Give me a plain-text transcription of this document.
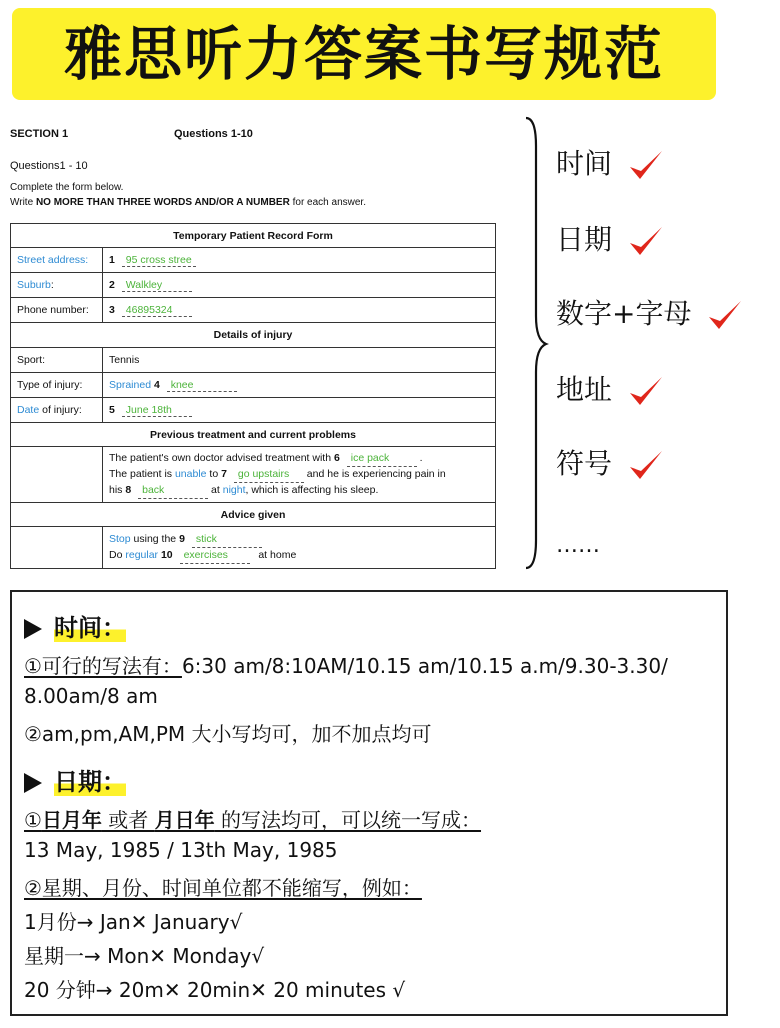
雅思听力答案书写规范
SECTION 1	Questions 1-10
Questions1 - 10
Complete the form below.
Write NO MORE THAN THREE WORDS AND/OR A NUMBER for each answer.
Temporary Patient Record Form	
Street address:	1 95 cross stree
Suburb:	2 Walkley
Phone number:	3 46895324
Details of injury	
Sport:	Tennis
Type of injury:	Sprained 4 knee
Date of injury:	5 June 18th
Previous treatment and current problems	

	The patient's own doctor advised treatment with 6 ice pack .
The patient is unable to 7 go upstairs and he is experiencing pain in
his 8 back at night, which is affecting his sleep.

Advice given	

	Stop using the 9 stick
Do regular 10 exercises at home
时间
日期
数字+字母
地址
符号
……
时间：
①可行的写法有：6:30 am/8:10AM/10.15 am/10.15 a.m/9.30-3.30/
8.00am/8 am
②am,pm,AM,PM 大小写均可，加不加点均可
日期：
①日月年 或者 月日年 的写法均可，可以统一写成：
13 May, 1985 / 13th May, 1985
②星期、月份、时间单位都不能缩写，例如：
1月份→ Jan✕ January√
星期一→ Mon✕ Monday√
20 分钟→ 20m✕ 20min✕ 20 minutes √
